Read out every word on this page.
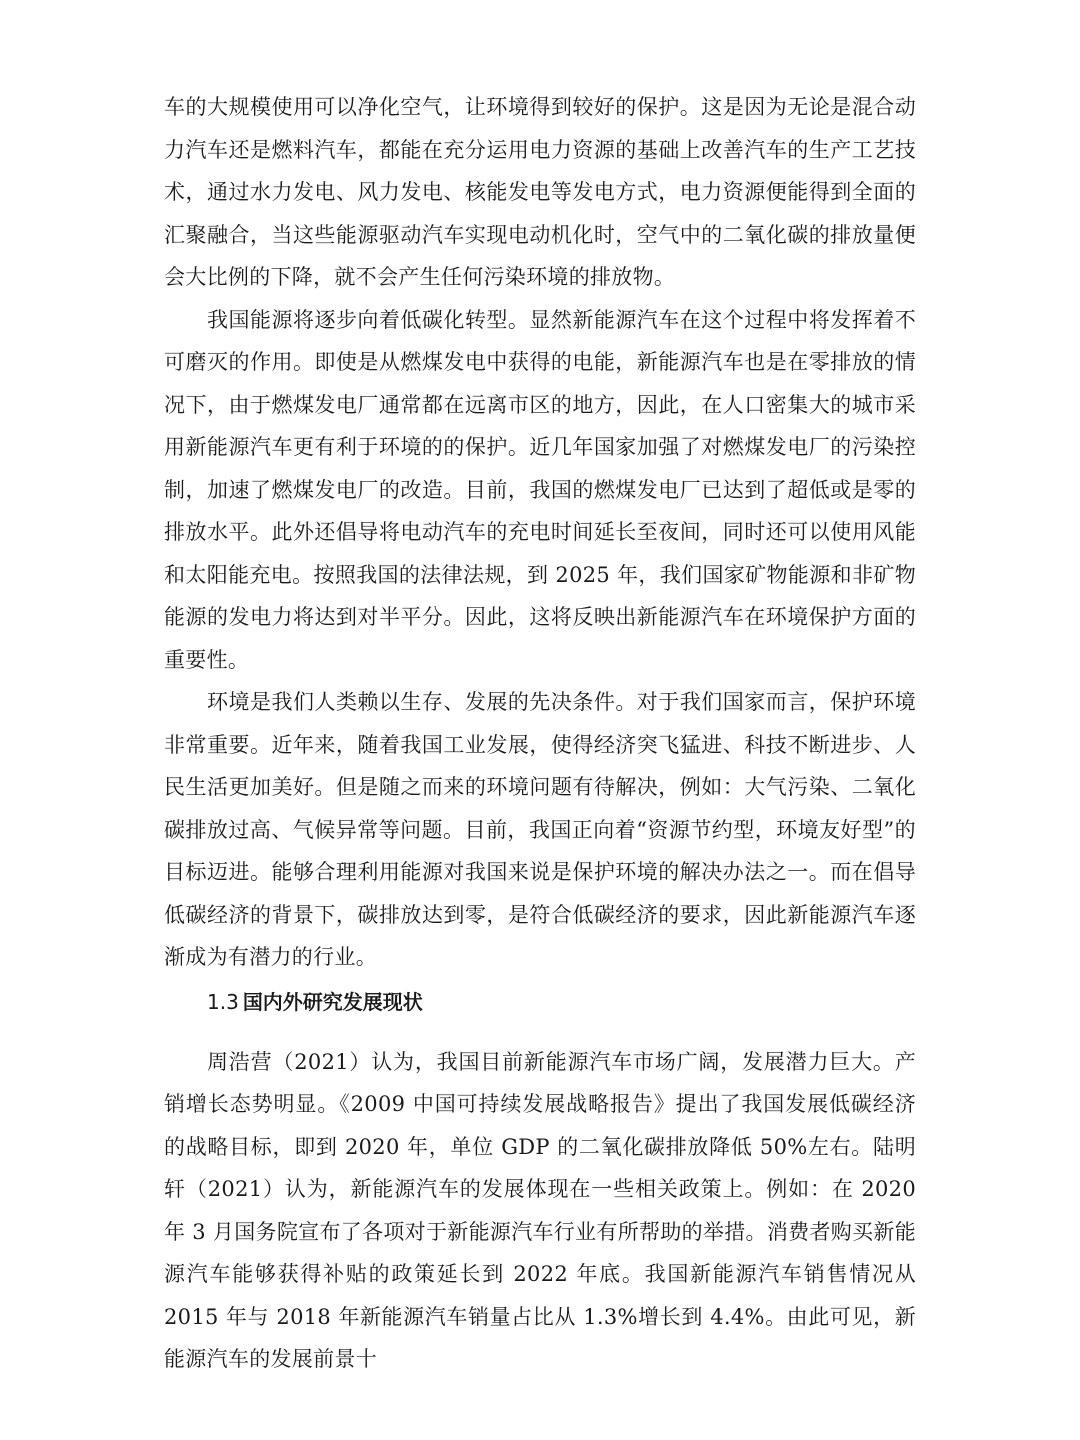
车的大规模使用可以净化空气，让环境得到较好的保护。这是因为无论是混合动力汽车还是燃料汽车，都能在充分运用电力资源的基础上改善汽车的生产工艺技术，通过水力发电、风力发电、核能发电等发电方式，电力资源便能得到全面的汇聚融合，当这些能源驱动汽车实现电动机化时，空气中的二氧化碳的排放量便会大比例的下降，就不会产生任何污染环境的排放物。

我国能源将逐步向着低碳化转型。显然新能源汽车在这个过程中将发挥着不可磨灭的作用。即使是从燃煤发电中获得的电能，新能源汽车也是在零排放的情况下，由于燃煤发电厂通常都在远离市区的地方，因此，在人口密集大的城市采用新能源汽车更有利于环境的的保护。近几年国家加强了对燃煤发电厂的污染控制，加速了燃煤发电厂的改造。目前，我国的燃煤发电厂已达到了超低或是零的排放水平。此外还倡导将电动汽车的充电时间延长至夜间，同时还可以使用风能和太阳能充电。按照我国的法律法规，到 2025 年，我们国家矿物能源和非矿物能源的发电力将达到对半平分。因此，这将反映出新能源汽车在环境保护方面的重要性。

环境是我们人类赖以生存、发展的先决条件。对于我们国家而言，保护环境非常重要。近年来，随着我国工业发展，使得经济突飞猛进、科技不断进步、人民生活更加美好。但是随之而来的环境问题有待解决，例如：大气污染、二氧化碳排放过高、气候异常等问题。目前，我国正向着“资源节约型，环境友好型”的目标迈进。能够合理利用能源对我国来说是保护环境的解决办法之一。而在倡导低碳经济的背景下，碳排放达到零，是符合低碳经济的要求，因此新能源汽车逐渐成为有潜力的行业。

1.3 国内外研究发展现状

周浩营（2021）认为，我国目前新能源汽车市场广阔，发展潜力巨大。产销增长态势明显。《2009 中国可持续发展战略报告》提出了我国发展低碳经济的战略目标，即到 2020 年，单位 GDP 的二氧化碳排放降低 50%左右。陆明轩（2021）认为，新能源汽车的发展体现在一些相关政策上。例如：在 2020 年 3 月国务院宣布了各项对于新能源汽车行业有所帮助的举措。消费者购买新能源汽车能够获得补贴的政策延长到 2022 年底。我国新能源汽车销售情况从 2015 年与 2018 年新能源汽车销量占比从 1.3%增长到 4.4%。由此可见，新能源汽车的发展前景十
